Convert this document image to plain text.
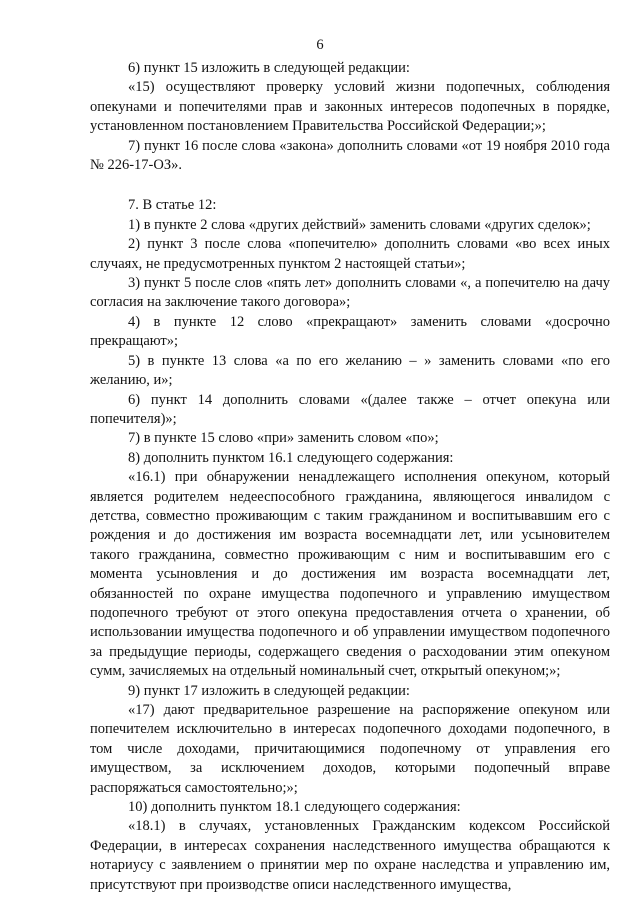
6

6) пункт 15 изложить в следующей редакции:

«15) осуществляют проверку условий жизни подопечных, соблюдения опекунами и попечителями прав и законных интересов подопечных в порядке, установленном постановлением Правительства Российской Федерации;»;

7) пункт 16 после слова «закона» дополнить словами «от 19 ноября 2010 года № 226-17-ОЗ».

7. В статье 12:

1) в пункте 2 слова «других действий» заменить словами «других сделок»;

2) пункт 3 после слова «попечителю» дополнить словами «во всех иных случаях, не предусмотренных пунктом 2 настоящей статьи»;

3) пункт 5 после слов «пять лет» дополнить словами «, а попечителю на дачу согласия на заключение такого договора»;

4) в пункте 12 слово «прекращают» заменить словами «досрочно прекращают»;

5) в пункте 13 слова «а по его желанию – » заменить словами «по его желанию, и»;

6) пункт 14 дополнить словами «(далее также – отчет опекуна или попечителя)»;

7) в пункте 15 слово «при» заменить словом «по»;

8) дополнить пунктом 16.1 следующего содержания:

«16.1) при обнаружении ненадлежащего исполнения опекуном, который является родителем недееспособного гражданина, являющегося инвалидом с детства, совместно проживающим с таким гражданином и воспитывавшим его с рождения и до достижения им возраста восемнадцати лет, или усыновителем такого гражданина, совместно проживающим с ним и воспитывавшим его с момента усыновления и до достижения им возраста восемнадцати лет, обязанностей по охране имущества подопечного и управлению имуществом подопечного требуют от этого опекуна предоставления отчета о хранении, об использовании имущества подопечного и об управлении имуществом подопечного за предыдущие периоды, содержащего сведения о расходовании этим опекуном сумм, зачисляемых на отдельный номинальный счет, открытый опекуном;»;

9) пункт 17 изложить в следующей редакции:

«17) дают предварительное разрешение на распоряжение опекуном или попечителем исключительно в интересах подопечного доходами подопечного, в том числе доходами, причитающимися подопечному от управления его имуществом, за исключением доходов, которыми подопечный вправе распоряжаться самостоятельно;»;

10) дополнить пунктом 18.1 следующего содержания:

«18.1) в случаях, установленных Гражданским кодексом Российской Федерации, в интересах сохранения наследственного имущества обращаются к нотариусу с заявлением о принятии мер по охране наследства и управлению им, присутствуют при производстве описи наследственного имущества,
